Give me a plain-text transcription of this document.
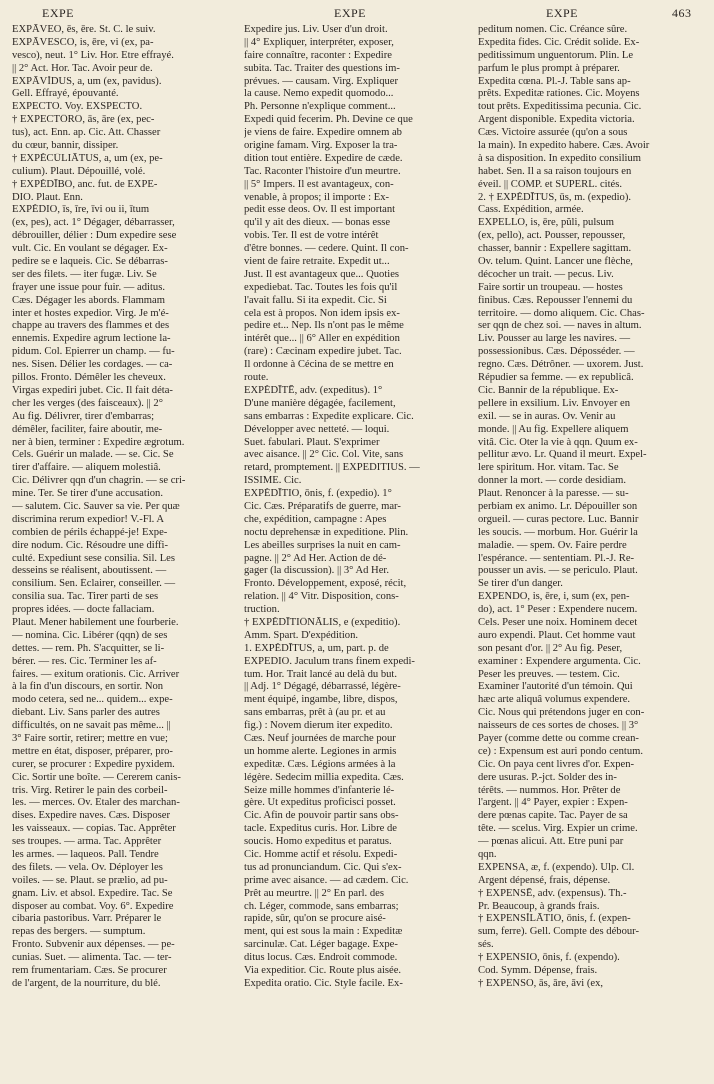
EXPE	EXPE	EXPE	463
EXPĀVEO, ēs, ēre. St. C. le suiv.
EXPĀVESCO, is, ēre, vi (ex, pa-
vesco), neut. 1° Liv. Hor. Etre effrayé.
|| 2° Act. Hor. Tac. Avoir peur de.
EXPĀVĬDUS, a, um (ex, pavidus).
Gell. Effrayé, épouvanté.
EXPECTO. Voy. EXSPECTO.
† EXPECTŌRO, ās, āre (ex, pec-
tus), act. Enn. ap. Cic. Att. Chasser
du cœur, bannir, dissiper.
† EXPĔCŪLIĀTUS, a, um (ex, pe-
culium). Plaut. Dépouillé, volé.
† EXPĔDĪBO, anc. fut. de EXPE-
DIO. Plaut. Enn.
EXPĔDIO, īs, īre, īvi ou ii, ītum
(ex, pes), act. 1° Dégager, débarrasser,
débrouiller, délier : Dum expedire sese
vult. Cic. En voulant se dégager. Ex-
pedire se e laqueis. Cic. Se débarras-
ser des filets. — iter fugæ. Liv. Se
frayer une issue pour fuir. — aditus.
Cæs. Dégager les abords. Flammam
inter et hostes expedior. Virg. Je m'é-
chappe au travers des flammes et des
ennemis. Expedire agrum lectione la-
pidum. Col. Epierrer un champ. — fu-
nes. Sisen. Délier les cordages. — ca-
pillos. Fronto. Démêler les cheveux.
Virgas expediri jubet. Cic. Il fait déta-
cher les verges (des faisceaux). || 2°
Au fig. Délivrer, tirer d'embarras;
démêler, faciliter, faire aboutir, me-
ner à bien, terminer : Expedire ægrotum.
Cels. Guérir un malade. — se. Cic. Se
tirer d'affaire. — aliquem molestiâ.
Cic. Délivrer qqn d'un chagrin. — se cri-
mine. Ter. Se tirer d'une accusation.
— salutem. Cic. Sauver sa vie. Per quæ
discrimina rerum expedior! V.-Fl. A
combien de périls échappé-je! Expe-
dire nodum. Cic. Résoudre une diffi-
culté. Expediunt sese consilia. Sil. Les
desseins se réalisent, aboutissent. —
consilium. Sen. Éclairer, conseiller. —
consilia sua. Tac. Tirer parti de ses
propres idées. — docte fallaciam.
Plaut. Mener habilement une fourberie.
— nomina. Cic. Libérer (qqn) de ses
dettes. — rem. Ph. S'acquitter, se li-
bérer. — res. Cic. Terminer les af-
faires. — exitum orationis. Cic. Arriver
à la fin d'un discours, en sortir. Non
modo cetera, sed ne... quidem... expe-
diebant. Liv. Sans parler des autres
difficultés, on ne savait pas même... ||
3° Faire sortir, retirer; mettre en vue;
mettre en état, disposer, préparer, pro-
curer, se procurer : Expedire pyxidem.
Cic. Sortir une boîte. — Cererem canis-
tris. Virg. Retirer le pain des corbeil-
les. — merces. Ov. Etaler des marchan-
dises. Expedire naves. Cæs. Disposer
les vaisseaux. — copias. Tac. Apprêter
ses troupes. — arma. Tac. Apprêter
les armes. — laqueos. Pall. Tendre
des filets. — vela. Ov. Déployer les
voiles. — se. Plaut. se prælio, ad pu-
gnam. Liv. et absol. Expedire. Tac. Se
disposer au combat. Voy. 6°. Expedire
cibaria pastoribus. Varr. Préparer le
repas des bergers. — sumptum.
Fronto. Subvenir aux dépenses. — pe-
cunias. Suet. — alimenta. Tac. — ter-
rem frumentariam. Cæs. Se procurer
de l'argent, de la nourriture, du blé.
Expedire jus. Liv. User d'un droit.
|| 4° Expliquer, interpréter, exposer,
faire connaître, raconter : Expedire
subita. Tac. Traiter des questions im-
prévues. — causam. Virg. Expliquer
la cause. Nemo expedit quomodo...
Ph. Personne n'explique comment...
Expedi quid fecerim. Ph. Devine ce que
je viens de faire. Expedire omnem ab
origine famam. Virg. Exposer la tra-
dition tout entière. Expedire de cæde.
Tac. Raconter l'histoire d'un meurtre.
|| 5° Impers. Il est avantageux, con-
venable, à propos; il importe : Ex-
pedit esse deos. Ov. Il est important
qu'il y ait des dieux. — bonas esse
vobis. Ter. Il est de votre intérêt
d'être bonnes. — cedere. Quint. Il con-
vient de faire retraite. Expedit ut...
Just. Il est avantageux que... Quoties
expediebat. Tac. Toutes les fois qu'il
l'avait fallu. Si ita expedit. Cic. Si
cela est à propos. Non idem ipsis ex-
pedire et... Nep. Ils n'ont pas le même
intérêt que... || 6° Aller en expédition
(rare) : Cæcinam expedire jubet. Tac.
Il ordonne à Cécina de se mettre en
route.
EXPĔDĪTĒ, adv. (expeditus). 1°
D'une manière dégagée, facilement,
sans embarras : Expedite explicare. Cic.
Développer avec netteté. — loqui.
Suet. fabulari. Plaut. S'exprimer
avec aisance. || 2° Cic. Col. Vite, sans
retard, promptement. || EXPEDITIUS. —
ISSIME. Cic.
EXPĔDĪTIO, ōnis, f. (expedio). 1°
Cic. Cæs. Préparatifs de guerre, mar-
che, expédition, campagne : Apes
noctu deprehensæ in expeditione. Plin.
Les abeilles surprises la nuit en cam-
pagne. || 2° Ad Her. Action de dé-
gager (la discussion). || 3° Ad Her.
Fronto. Développement, exposé, récit,
relation. || 4° Vitr. Disposition, cons-
truction.
† EXPĔDĪTIŌNĀLIS, e (expeditio).
Amm. Spart. D'expédition.
1. EXPĔDĪTUS, a, um, part. p. de
EXPEDIO. Jaculum trans finem expedi-
tum. Hor. Trait lancé au delà du but.
|| Adj. 1° Dégagé, débarrassé, légère-
ment équipé, ingambe, libre, dispos,
sans embarras, prêt à (au pr. et au
fig.) : Novem dierum iter expedito.
Cæs. Neuf journées de marche pour
un homme alerte. Legiones in armis
expeditæ. Cæs. Légions armées à la
légère. Sedecim millia expedita. Cæs.
Seize mille hommes d'infanterie lé-
gère. Ut expeditus proficisci posset.
Cic. Afin de pouvoir partir sans obs-
tacle. Expeditus curis. Hor. Libre de
soucis. Homo expeditus et paratus.
Cic. Homme actif et résolu. Expedi-
tus ad pronunciandum. Cic. Qui s'ex-
prime avec aisance. — ad cædem. Cic.
Prêt au meurtre. || 2° En parl. des
ch. Léger, commode, sans embarras;
rapide, sûr, qu'on se procure aisé-
ment, qui est sous la main : Expeditæ
sarcinulæ. Cat. Léger bagage. Expe-
ditus locus. Cæs. Endroit commode.
Via expeditior. Cic. Route plus aisée.
Expedita oratio. Cic. Style facile. Ex-
peditum nomen. Cic. Créance sûre.
Expedita fides. Cic. Crédit solide. Ex-
peditissimum unguentorum. Plin. Le
parfum le plus prompt à préparer.
Expedita cœna. Pl.-J. Table sans ap-
prêts. Expeditæ rationes. Cic. Moyens
tout prêts. Expeditissima pecunia. Cic.
Argent disponible. Expedita victoria.
Cæs. Victoire assurée (qu'on a sous
la main). In expedito habere. Cæs. Avoir
à sa disposition. In expedito consilium
habet. Sen. Il a sa raison toujours en
éveil. || COMP. et SUPERL. cités.
2. † EXPĔDĪTUS, ūs, m. (expedio).
Cass. Expédition, armée.
EXPELLO, is, ēre, pŭli, pulsum
(ex, pello), act. Pousser, repousser,
chasser, bannir : Expellere sagittam.
Ov. telum. Quint. Lancer une flèche,
décocher un trait. — pecus. Liv.
Faire sortir un troupeau. — hostes
finibus. Cæs. Repousser l'ennemi du
territoire. — domo aliquem. Cic. Chas-
ser qqn de chez soi. — naves in altum.
Liv. Pousser au large les navires. —
possessionibus. Cæs. Déposséder. —
regno. Cæs. Détrôner. — uxorem. Just.
Répudier sa femme. — ex republicâ.
Cic. Bannir de la république. Ex-
pellere in exsilium. Liv. Envoyer en
exil. — se in auras. Ov. Venir au
monde. || Au fig. Expellere aliquem
vitâ. Cic. Oter la vie à qqn. Quum ex-
pellitur ævo. Lr. Quand il meurt. Expel-
lere spiritum. Hor. vitam. Tac. Se
donner la mort. — corde desidiam.
Plaut. Renoncer à la paresse. — su-
perbiam ex animo. Lr. Dépouiller son
orgueil. — curas pectore. Luc. Bannir
les soucis. — morbum. Hor. Guérir la
maladie. — spem. Ov. Faire perdre
l'espérance. — sententiam. Pl.-J. Re-
pousser un avis. — se periculo. Plaut.
Se tirer d'un danger.
EXPENDO, is, ēre, i, sum (ex, pen-
do), act. 1° Peser : Expendere nucem.
Cels. Peser une noix. Hominem decet
auro expendi. Plaut. Cet homme vaut
son pesant d'or. || 2° Au fig. Peser,
examiner : Expendere argumenta. Cic.
Peser les preuves. — testem. Cic.
Examiner l'autorité d'un témoin. Qui
hæc arte aliquâ volumus expendere.
Cic. Nous qui prétendons juger en con-
naisseurs de ces sortes de choses. || 3°
Payer (comme dette ou comme crean-
ce) : Expensum est auri pondo centum.
Cic. On paya cent livres d'or. Expen-
dere usuras. P.-jct. Solder des in-
térêts. — nummos. Hor. Prêter de
l'argent. || 4° Payer, expier : Expen-
dere pœnas capite. Tac. Payer de sa
tête. — scelus. Virg. Expier un crime.
— pœnas alicui. Att. Etre puni par
qqn.
EXPENSA, æ, f. (expendo). Ulp. Cl.
Argent dépensé, frais, dépense.
† EXPENSĒ, adv. (expensus). Th.-
Pr. Beaucoup, à grands frais.
† EXPENSĬLĀTIO, ōnis, f. (expen-
sum, ferre). Gell. Compte des débour-
sés.
† EXPENSIO, ōnis, f. (expendo).
Cod. Symm. Dépense, frais.
† EXPENSO, ās, āre, āvi (ex,
